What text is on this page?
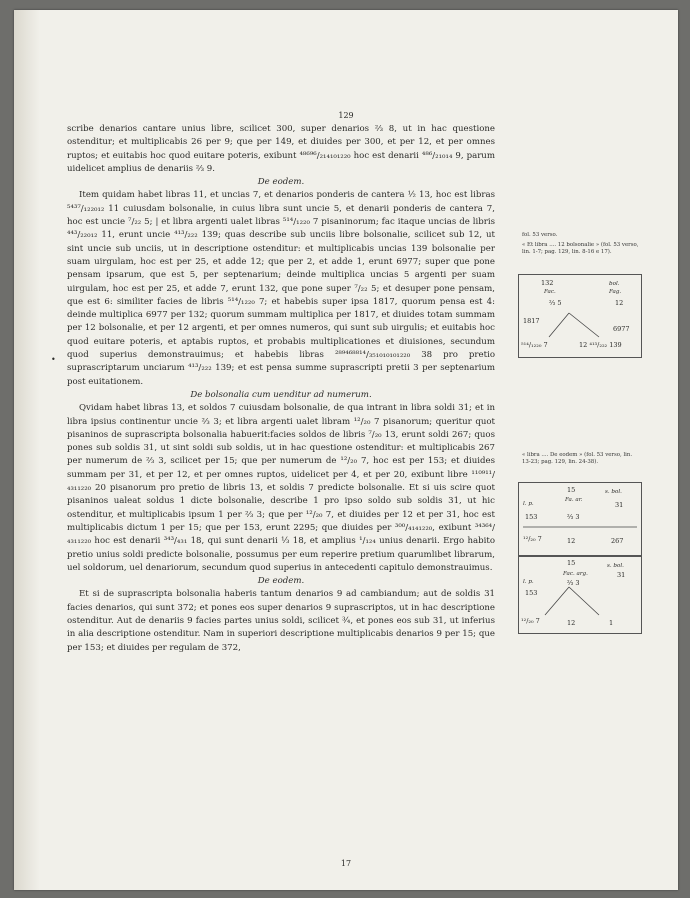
129

scribe denarios cantare unius libre, scilicet 300, super denarios ⅔ 8, ut in hac questione ostenditur; et multiplicabis 26 per 9; que per 149, et diuides per 300, et per 12, et per omnes ruptos; et euitabis hoc quod euitare poteris, exibunt ⁴⁸⁶⁹⁶/₂₁₄₁₀₁₂₂₀ hoc est denarii ⁴⁸⁶/₂₁₀₁₄ 9, parum uidelicet amplius de denariis ⅔ 9.

De eodem.

Item quidam habet libras 11, et uncias 7, et denarios ponderis de cantera ½ 13, hoc est libras ⁵⁴³⁷/₁₂₂₀₁₂ 11 cuiusdam bolsonalie, in cuius libra sunt uncie 5, et denarii ponderis de cantera 7, hoc est uncie ⁷/₂₂ 5; | et libra argenti ualet libras ⁵¹⁴/₁₂₂₀ 7 pisaninorum; fac itaque uncias de libris ⁴⁴³/₂₂₀₁₂ 11, erunt uncie ⁴¹³/₂₂₂ 139; quas describe sub unciis libre bolsonalie, scilicet sub 12, ut sint uncie sub unciis, ut in descriptione ostenditur: et multiplicabis uncias 139 bolsonalie per suam uirgulam, hoc est per 25, et adde 12; que per 2, et adde 1, erunt 6977; super que pone pensam ipsarum, que est 5, per septenarium; deinde multiplica uncias 5 argenti per suam uirgulam, hoc est per 25, et adde 7, erunt 132, que pone super ⁷/₂₂ 5; et desuper pone pensam, que est 6: similiter facies de libris ⁵¹⁴/₁₂₂₀ 7; et habebis super ipsa 1817, quorum pensa est 4: deinde multiplica 6977 per 132; quorum summam multiplica per 1817, et diuides totam summam per 12 bolsonalie, et per 12 argenti, et per omnes numeros, qui sunt sub uirgulis; et euitabis hoc quod euitare poteris, et aptabis ruptos, et probabis multiplicationes et diuisiones, secundum quod superius demonstrauimus; et habebis libras ²⁸⁹⁴⁶⁸⁸¹⁴/₃₅₁₀₁₀₁₀₁₂₂₀ 38 pro pretio suprascriptarum unciarum ⁴¹³/₂₂₂ 139; et est pensa summe suprascripti pretii 3 per septenarium post euitationem.

De bolsonalia cum uenditur ad numerum.

Qvidam habet libras 13, et soldos 7 cuiusdam bolsonalie, de qua intrant in libra soldi 31; et in libra ipsius continentur uncie ⅔ 3; et libra argenti ualet libram ¹²/₂₀ 7 pisanorum; queritur quot pisaninos de suprascripta bolsonalia habuerit:facies soldos de libris ⁷/₂₀ 13, erunt soldi 267; quos pones sub soldis 31, ut sint soldi sub soldis, ut in hac questione ostenditur: et multiplicabis 267 per numerum de ⅔ 3, scilicet per 15; que per numerum de ¹²/₂₀ 7, hoc est per 153; et diuides summam per 31, et per 12, et per omnes ruptos, uidelicet per 4, et per 20, exibunt libre ¹¹⁰⁹¹¹/₄₃₁₁₂₂₀ 20 pisanorum pro pretio de libris 13, et soldis 7 predicte bolsonalie. Et si uis scire quot pisaninos ualeat soldus 1 dicte bolsonalie, describe 1 pro ipso soldo sub soldis 31, ut hic ostenditur, et multiplicabis ipsum 1 per ⅔ 3; que per ¹²/₂₀ 7, et diuides per 12 et per 31, hoc est multiplicabis dictum 1 per 15; que per 153, erunt 2295; que diuides per ³⁰⁰/₄₁₄₁₂₂₀, exibunt ³⁴³⁶⁴/₄₃₁₁₂₂₀ hoc est denarii ³⁴³/₄₃₁ 18, qui sunt denarii ⅓ 18, et amplius ¹/₁₂₄ unius denarii. Ergo habito pretio unius soldi predicte bolsonalie, possumus per eum reperire pretium quarumlibet librarum, uel soldorum, uel denariorum, secundum quod superius in antecedenti capitulo demonstrauimus.

De eodem.

Et si de suprascripta bolsonalia haberis tantum denarios 9 ad cambiandum; aut de soldis 31 facies denarios, qui sunt 372; et pones eos super denarios 9 suprascriptos, ut in hac descriptione ostenditur. Aut de denariis 9 facies partes unius soldi, scilicet ¾, et pones eos sub 31, ut inferius in alia descriptione ostenditur. Nam in superiori descriptione multiplicabis denarios 9 per 15; que per 153; et diuides per regulam de 372,

•
fol. 53 verso.
« Et libra .... 12 bolsonalie » (fol. 53 verso, lin. 1-7; pag. 129, lin. 8-16 e 17).
132	bol.
Fac.	Fag.
⅔ 5	12
1817
6977
⁵¹⁴/₁₂₂₀ 7	12 ⁴¹³/₂₂₂ 139
« libra .... De eodem » (fol. 53 verso, lin. 13-23; pag. 129, lin. 24-38).
15	s. bol.
Fa. ar.
l. p.	31
153	⅔ 3
¹²/₂₀ 7	12	267
15	s. bol.
Fac. arg.
l. p.
31
153
⅔ 3
¹²/₂₀ 7	12	1
17
